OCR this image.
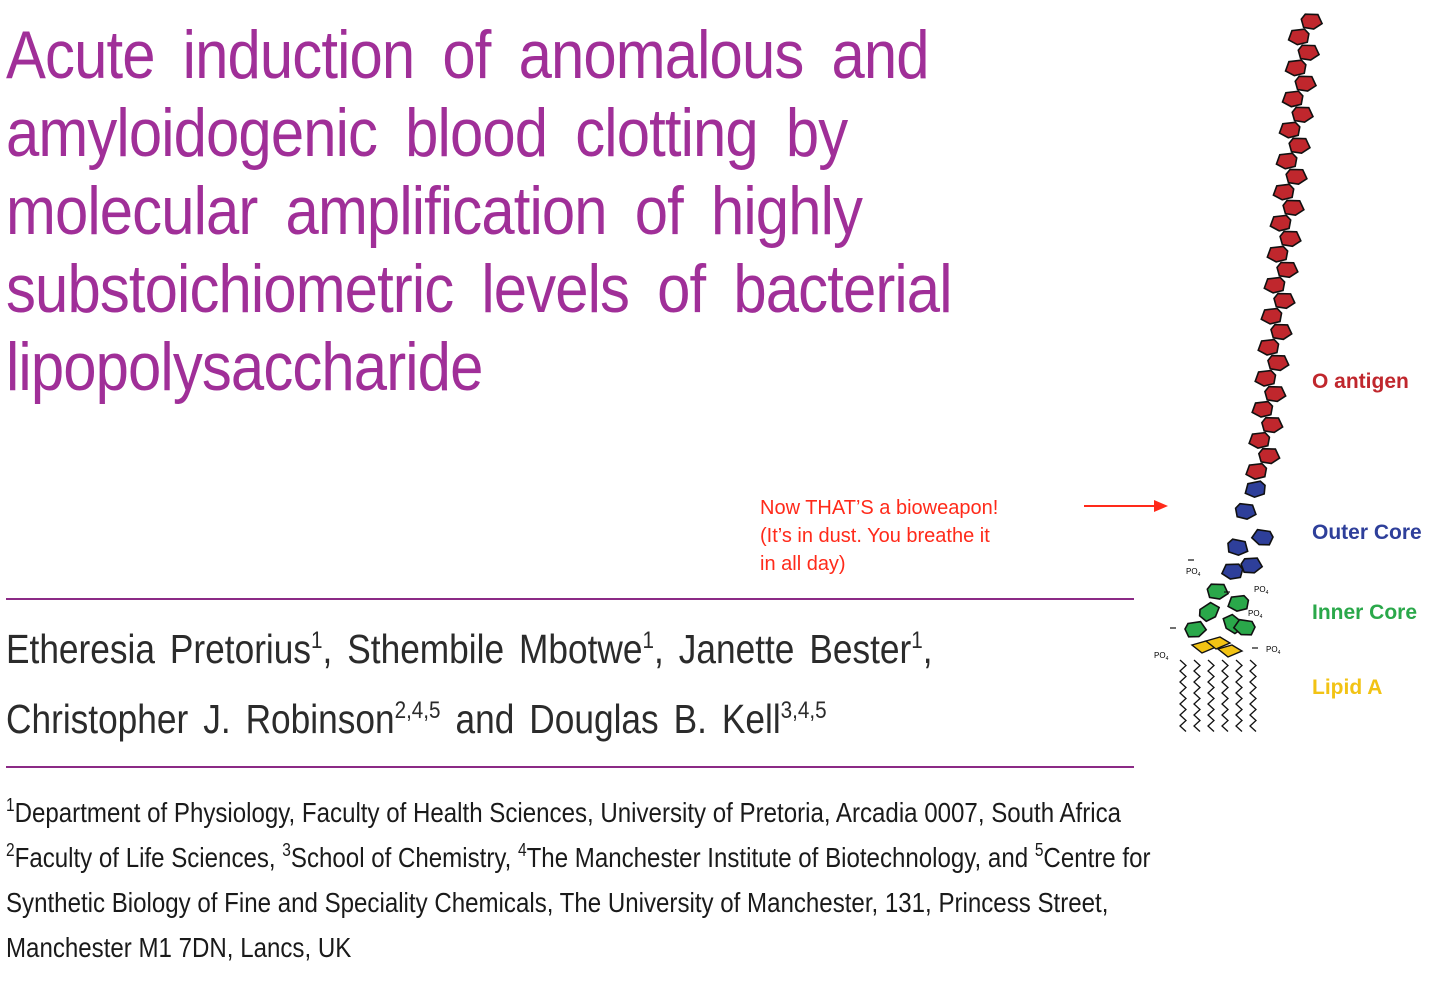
Acute induction of anomalous and
amyloidogenic blood clotting by
molecular amplification of highly
substoichiometric levels of bacterial
lipopolysaccharide

Etheresia Pretorius$^1$, Sthembile Mbotwe$^1$, Janette Bester$^1$,
Christopher J. Robinson$^{2,4,5}$ and Douglas B. Kell$^{3,4,5}$

$^1$Department of Physiology, Faculty of Health Sciences, University of Pretoria, Arcadia 0007, South Africa
$^2$Faculty of Life Sciences, $^3$School of Chemistry, $^4$The Manchester Institute of Biotechnology, and $^5$Centre for
Synthetic Biology of Fine and Speciality Chemicals, The University of Manchester, 131, Princess Street,
Manchester M1 7DN, Lancs, UK
Now THAT’S a bioweapon!
(It’s in dust. You breathe it
in all day)	$PO_4$
$PO_4$
$PO_4$
$PO_4$
$PO_4$
O antigen
Outer Core
Inner Core
Lipid A
